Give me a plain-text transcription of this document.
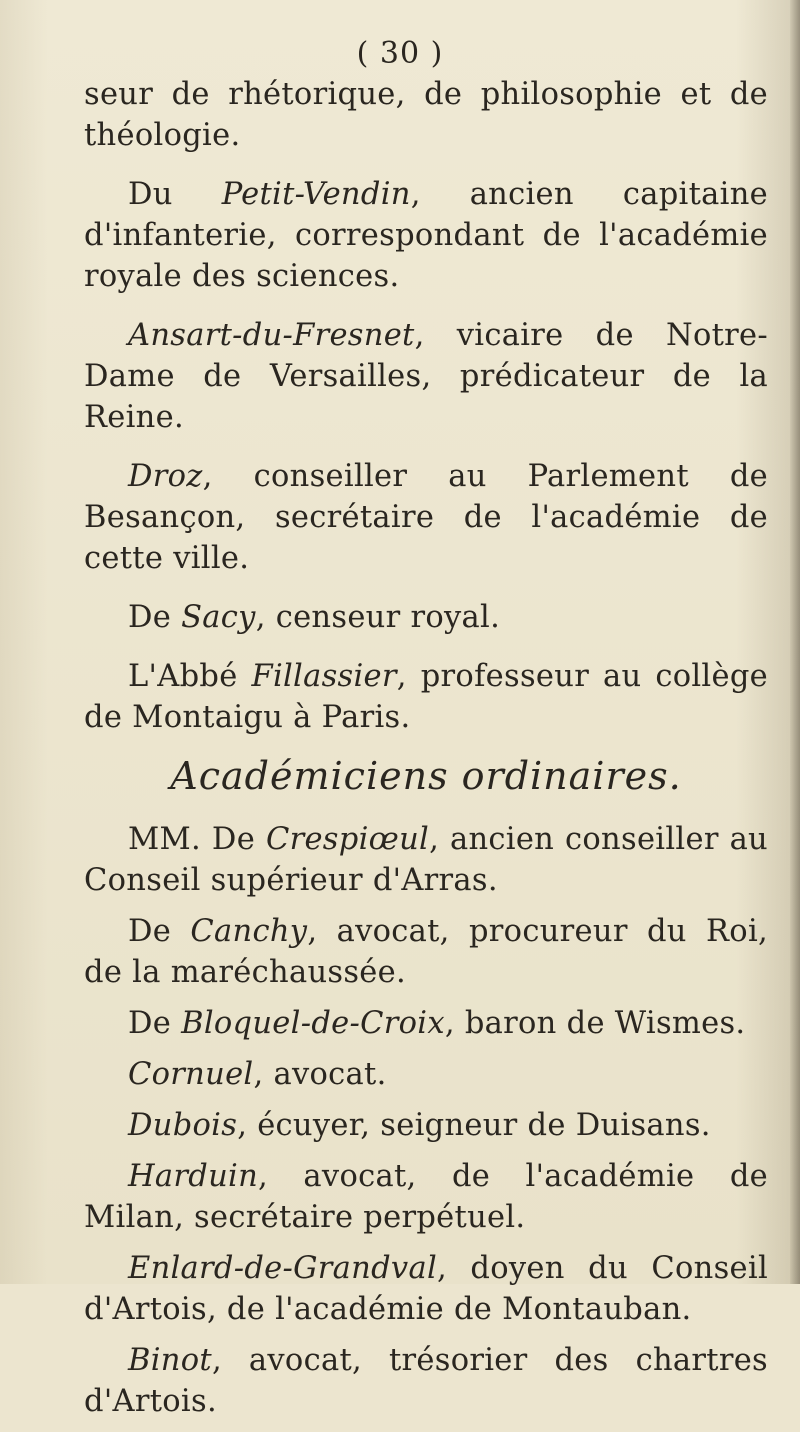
( 30 )

seur de rhétorique, de philosophie et de théologie.

Du Petit-Vendin, ancien capitaine d'infanterie, correspondant de l'académie royale des sciences.

Ansart-du-Fresnet, vicaire de Notre-Dame de Versailles, prédicateur de la Reine.

Droz, conseiller au Parlement de Besançon, secrétaire de l'académie de cette ville.

De Sacy, censeur royal.

L'Abbé Fillassier, professeur au collège de Montaigu à Paris.

Académiciens ordinaires.

MM. De Crespiœul, ancien conseiller au Conseil supérieur d'Arras.

De Canchy, avocat, procureur du Roi, de la maréchaussée.

De Bloquel-de-Croix, baron de Wismes.

Cornuel, avocat.

Dubois, écuyer, seigneur de Duisans.

Harduin, avocat, de l'académie de Milan, secrétaire perpétuel.

Enlard-de-Grandval, doyen du Conseil d'Artois, de l'académie de Montauban.

Binot, avocat, trésorier des chartres d'Artois.
